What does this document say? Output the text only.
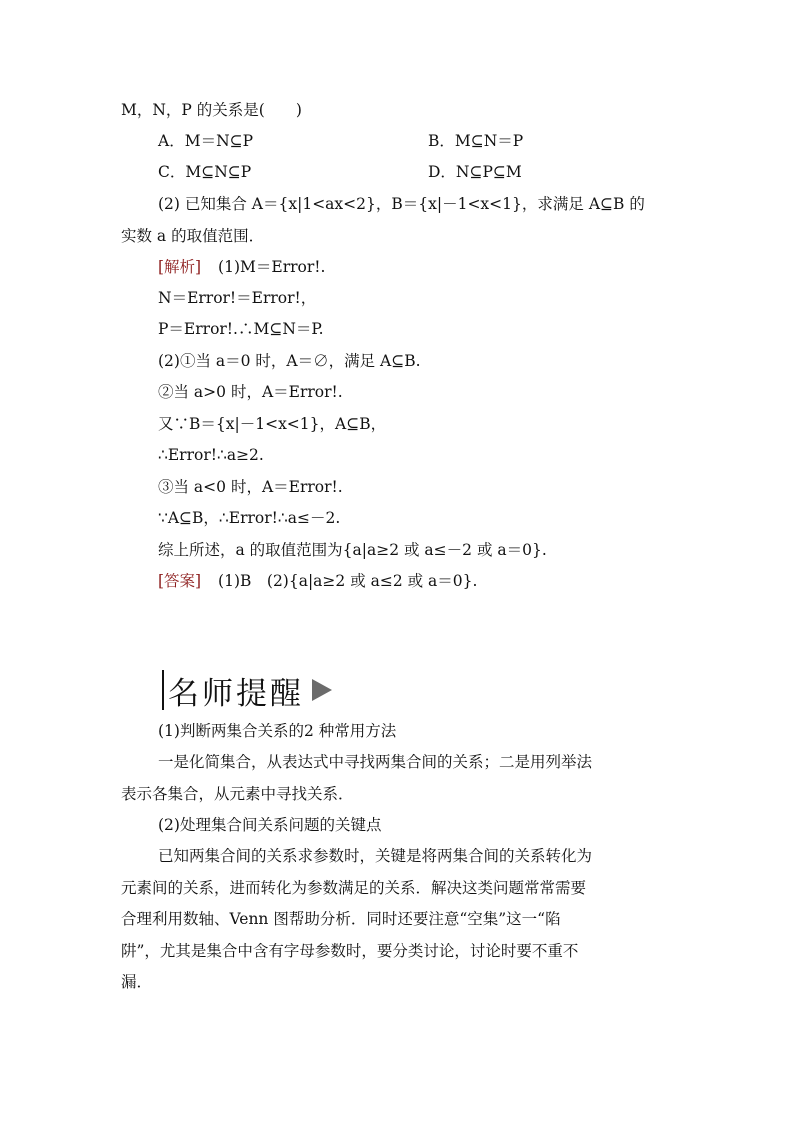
M，N，P 的关系是(　　)
A．M＝N⊆P	B．M⊆N＝P
C．M⊆N⊆P	D．N⊆P⊆M
(2) 已知集合 A＝{x|1<ax<2}，B＝{x|－1<x<1}，求满足 A⊆B 的
实数 a 的取值范围．
[解析] (1)M＝Error!.
N＝Error!＝Error!，
P＝Error!.∴M⊆N＝P.
(2)①当 a＝0 时，A＝∅，满足 A⊆B.
②当 a>0 时，A＝Error!.
又∵B＝{x|－1<x<1}，A⊆B，
∴Error!∴a≥2.
③当 a<0 时，A＝Error!.
∵A⊆B，∴Error!∴a≤－2.
综上所述，a 的取值范围为{a|a≥2 或 a≤－2 或 a＝0}.
[答案] (1)B　(2){a|a≥2 或 a≤2 或 a＝0}.
名师提醒
(1)判断两集合关系的2 种常用方法
一是化简集合，从表达式中寻找两集合间的关系；二是用列举法
表示各集合，从元素中寻找关系．
(2)处理集合间关系问题的关键点
已知两集合间的关系求参数时，关键是将两集合间的关系转化为
元素间的关系，进而转化为参数满足的关系．解决这类问题常常需要
合理利用数轴、Venn 图帮助分析．同时还要注意“空集”这一“陷
阱”，尤其是集合中含有字母参数时，要分类讨论，讨论时要不重不
漏．
